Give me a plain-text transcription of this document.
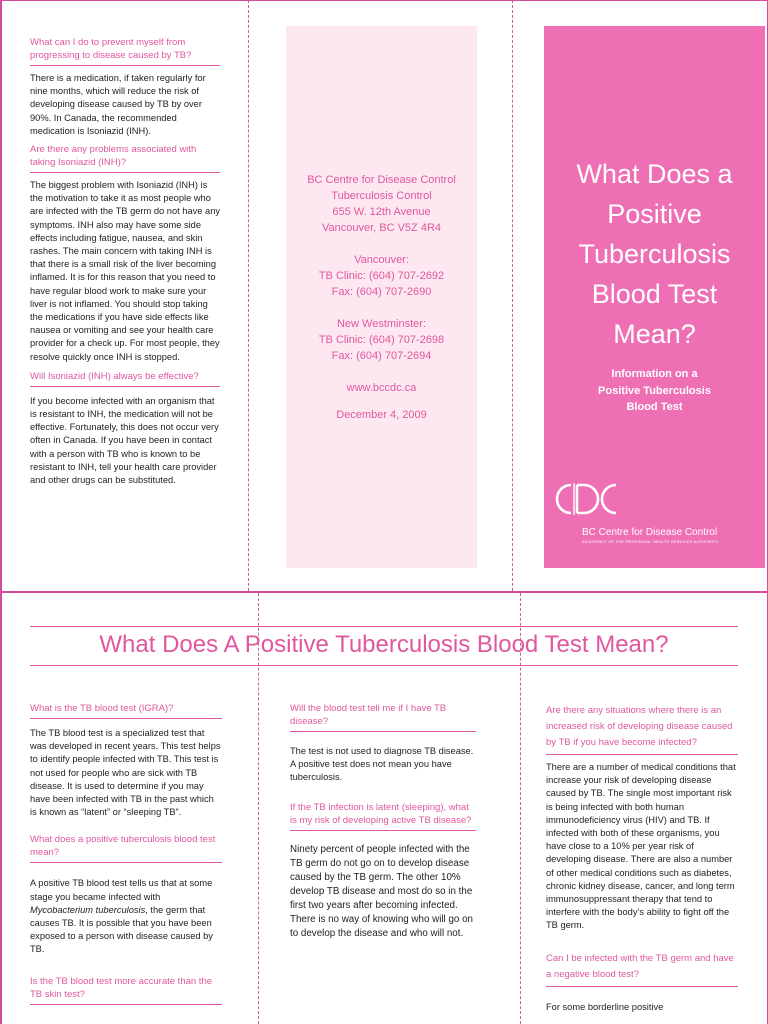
What can I do to prevent myself from progressing to disease caused by TB?

There is a medication, if taken regularly for nine months, which will reduce the risk of developing disease caused by TB by over 90%. In Canada, the recommended medication is Isoniazid (INH).

Are there any problems associated with taking Isoniazid (INH)?

The biggest problem with Isoniazid (INH) is the motivation to take it as most people who are infected with the TB germ do not have any symptoms. INH also may have some side effects including fatigue, nausea, and skin rashes. The main concern with taking INH is that there is a small risk of the liver becoming inflamed. It is for this reason that you need to have regular blood work to make sure your liver is not inflamed. You should stop taking the medications if you have side effects like nausea or vomiting and see your health care provider for a check up. For most people, they resolve quickly once INH is stopped.

Will Isoniazid (INH) always be effective?

If you become infected with an organism that is resistant to INH, the medication will not be effective. Fortunately, this does not occur very often in Canada. If you have been in contact with a person with TB who is known to be resistant to INH, tell your health care provider and other drugs can be substituted.

BC Centre for Disease Control
Tuberculosis Control
655 W. 12th Avenue
Vancouver, BC V5Z 4R4
Vancouver:
TB Clinic: (604) 707-2692
Fax: (604) 707-2690
New Westminster:
TB Clinic: (604) 707-2698
Fax: (604) 707-2694
www.bccdc.ca
December 4, 2009
What Does a
Positive
Tuberculosis
Blood Test
Mean?
Information on a
Positive Tuberculosis
Blood Test
BC Centre for Disease Control
AN AGENCY OF THE PROVINCIAL HEALTH SERVICES AUTHORITY
What Does A Positive Tuberculosis Blood Test Mean?
What is the TB blood test (IGRA)?

The TB blood test is a specialized test that was developed in recent years. This test helps to identify people infected with TB. This test is not used for people who are sick with TB disease. It is used to determine if you may have been infected with TB in the past which is known as “latent” or “sleeping TB”.

What does a positive tuberculosis blood test mean?

A positive TB blood test tells us that at some stage you became infected with Mycobacterium tuberculosis, the germ that causes TB. It is possible that you have been exposed to a person with disease caused by TB.

Is the TB blood test more accurate than the TB skin test?
Will the blood test tell me if I have TB disease?

The test is not used to diagnose TB disease. A positive test does not mean you have tuberculosis.

If the TB infection is latent (sleeping), what is my risk of developing active TB disease?

Ninety percent of people infected with the TB germ do not go on to develop disease caused by the TB germ. The other 10% develop TB disease and most do so in the first two years after becoming infected. There is no way of knowing who will go on to develop the disease and who will not.

Are there any situations where there is an increased risk of developing disease caused by TB if you have become infected?

There are a number of medical conditions that increase your risk of developing disease caused by TB. The single most important risk is being infected with both human immunodeficiency virus (HIV) and TB. If infected with both of these organisms, you have close to a 10% per year risk of developing disease. There are also a number of other medical conditions such as diabetes, chronic kidney disease, cancer, and long term immunosuppressant therapy that tend to interfere with the body’s ability to fight off the TB germ.

Can I be infected with the TB germ and have a negative blood test?

For some borderline positive
